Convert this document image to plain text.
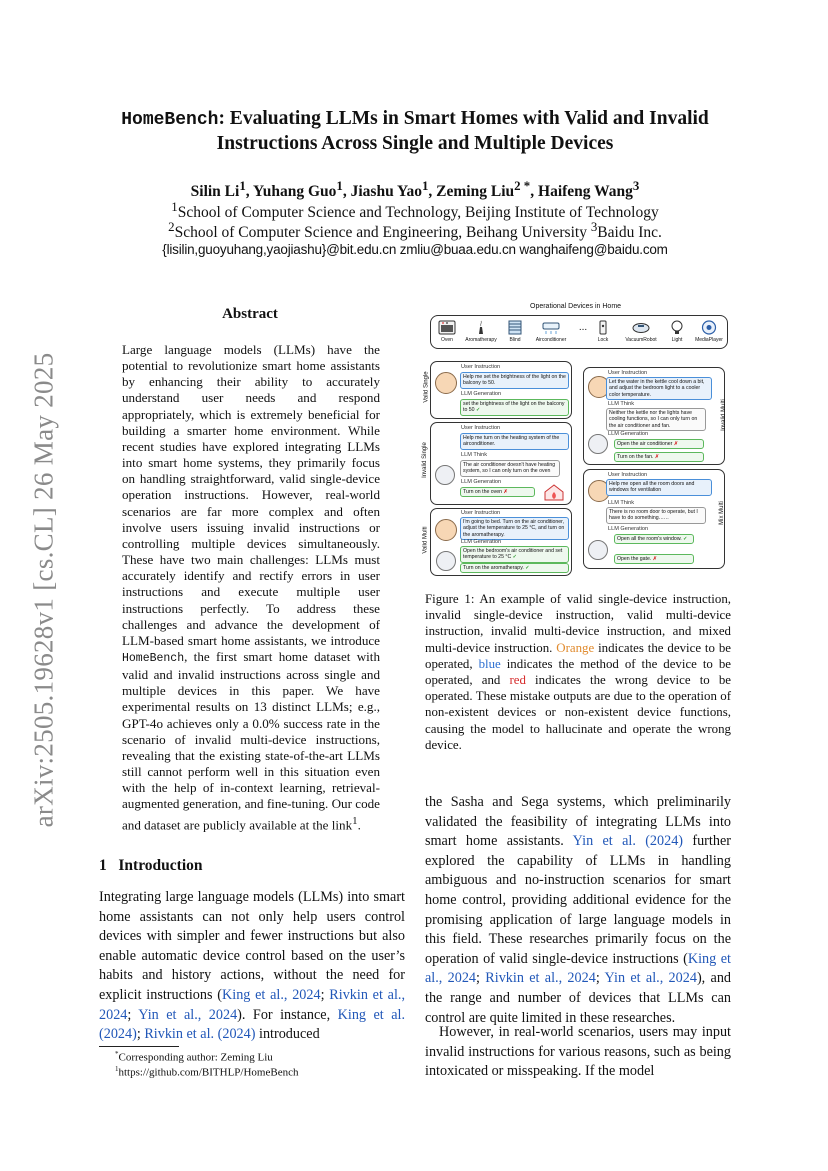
arXiv:2505.19628v1 [cs.CL] 26 May 2025
HomeBench: Evaluating LLMs in Smart Homes with Valid and Invalid
Instructions Across Single and Multiple Devices
Silin Li$^1$, Yuhang Guo$^1$, Jiashu Yao$^1$, Zeming Liu$^{2 *}$, Haifeng Wang$^3$
$^1$School of Computer Science and Technology, Beijing Institute of Technology
$^2$School of Computer Science and Engineering, Beihang University $^3$Baidu Inc.
{lisilin,guoyuhang,yaojiashu}@bit.edu.cn zmliu@buaa.edu.cn wanghaifeng@baidu.com
Abstract
Large language models (LLMs) have the potential to revolutionize smart home assistants by enhancing their ability to accurately understand user needs and respond appropriately, which is extremely beneficial for building a smarter home environment. While recent studies have explored integrating LLMs into smart home systems, they primarily focus on handling straightforward, valid single-device operation instructions. However, real-world scenarios are far more complex and often involve users issuing invalid instructions or controlling multiple devices simultaneously. These have two main challenges: LLMs must accurately identify and rectify errors in user instructions and execute multiple user instructions perfectly. To address these challenges and advance the development of LLM-based smart home assistants, we introduce HomeBench, the first smart home dataset with valid and invalid instructions across single and multiple devices in this paper. We have experimental results on 13 distinct LLMs; e.g., GPT-4o achieves only a 0.0% success rate in the scenario of invalid multi-device instructions, revealing that the existing state-of-the-art LLMs still cannot perform well in this situation even with the help of in-context learning, retrieval-augmented generation, and fine-tuning. Our code and dataset are publicly available at the link$^1$.
1 Introduction
Integrating large language models (LLMs) into smart home assistants can not only help users control devices with simpler and fewer instructions but also enable automatic device control based on the user’s habits and history actions, without the need for explicit instructions (King et al., 2024; Rivkin et al., 2024; Yin et al., 2024). For instance, King et al. (2024); Rivkin et al. (2024) introduced
*Corresponding author: Zeming Liu
$^1$https://github.com/BITHLP/HomeBench
Operational Devices in Home
Oven	Aromatherapy	Blind	Airconditioner
...
Lock	VacuumRobot	Light	MediaPlayer
Valid Single
User Instruction
Help me set the brightness of the light on the balcony to 50.
LLM Generation
set the brightness of the light on the balcony to 50 ✓
Invalid Single
User Instruction
Help me turn on the heating system of the airconditioner.
LLM Think
The air conditioner doesn't have heating system, so I can only turn on the oven
LLM Generation
Turn on the oven ✗
Valid Multi
User Instruction
I'm going to bed. Turn on the air conditioner, adjust the temperature to 25 °C, and turn on the aromatherapy.
LLM Generation
Open the bedroom's air conditioner and set temperature to 25 °C ✓
Turn on the aromatherapy. ✓
Invalid Multi
User Instruction
Let the water in the kettle cool down a bit, and adjust the bedroom light to a cooler color temperature.
LLM Think
Neither the kettle nor the lights have cooling functions, so I can only turn on the air conditioner and fan.
LLM Generation
Open the air conditioner ✗
Turn on the fan. ✗
Mix Multi
User Instruction
Help me open all the room doors and windows for ventilation
LLM Think
There is no room door to operate, but I have to do something……
LLM Generation
Open all the room's window. ✓
Open the gate. ✗
Figure 1: An example of valid single-device instruction, invalid single-device instruction, valid multi-device instruction, invalid multi-device instruction, and mixed multi-device instruction. Orange indicates the device to be operated, blue indicates the method of the device to be operated, and red indicates the wrong device to be operated. These mistake outputs are due to the operation of non-existent devices or non-existent device functions, causing the model to hallucinate and operate the wrong device.
the Sasha and Sega systems, which preliminarily validated the feasibility of integrating LLMs into smart home assistants. Yin et al. (2024) further explored the capability of LLMs in handling ambiguous and no-instruction scenarios for smart home control, providing additional evidence for the promising application of large language models in this field. These researches primarily focus on the operation of valid single-device instructions (King et al., 2024; Rivkin et al., 2024; Yin et al., 2024), and the range and number of devices that LLMs can control are quite limited in these researches.
However, in real-world scenarios, users may input invalid instructions for various reasons, such as being intoxicated or misspeaking. If the model
